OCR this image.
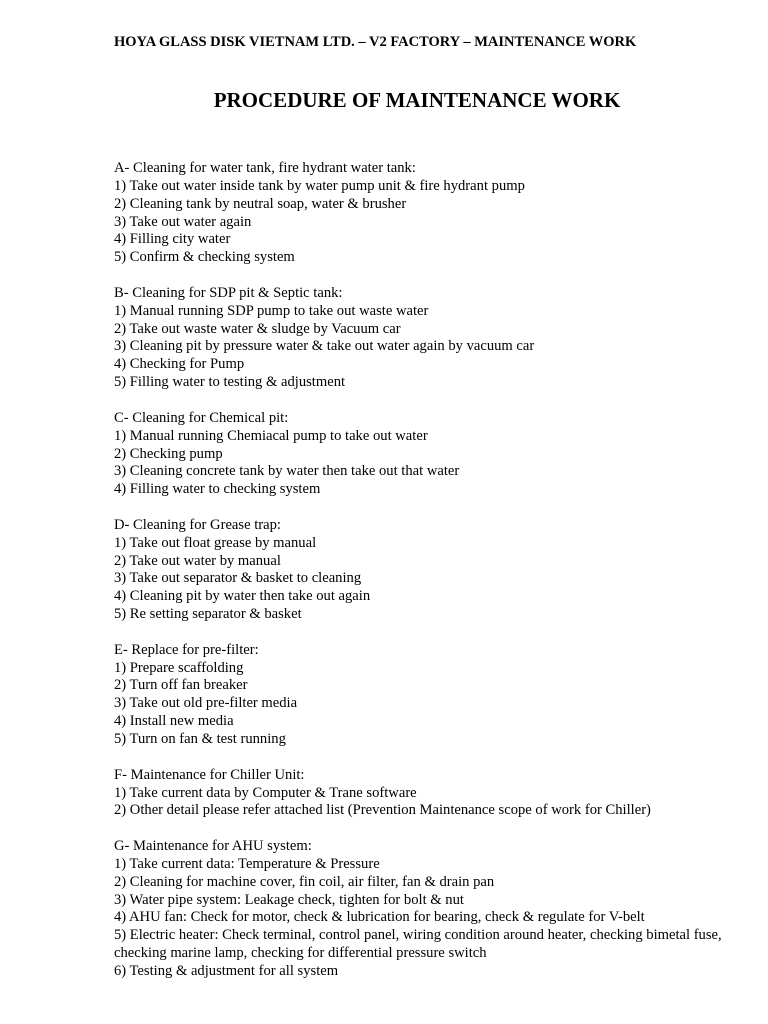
HOYA GLASS DISK VIETNAM LTD. – V2 FACTORY – MAINTENANCE WORK
PROCEDURE OF MAINTENANCE WORK
A- Cleaning for water tank, fire hydrant water tank:
1) Take out water inside tank by water pump unit & fire hydrant pump
2) Cleaning tank by neutral soap, water & brusher
3) Take out water again
4) Filling city water
5) Confirm & checking system
B- Cleaning for SDP pit & Septic tank:
1) Manual running SDP pump to take out waste water
2) Take out waste water & sludge by Vacuum car
3) Cleaning pit by pressure water & take out water again by vacuum car
4) Checking for Pump
5) Filling water to testing & adjustment
C- Cleaning for Chemical pit:
1) Manual running Chemiacal pump to take out water
2) Checking pump
3) Cleaning concrete tank by water then take out that water
4) Filling water to checking system
D- Cleaning for Grease trap:
1) Take out float grease by manual
2) Take out water by manual
3) Take out separator & basket to cleaning
4) Cleaning pit by water then take out again
5) Re setting separator & basket
E- Replace for pre-filter:
1) Prepare scaffolding
2) Turn off fan breaker
3) Take out old pre-filter media
4) Install new media
5) Turn on fan & test running
F- Maintenance for Chiller Unit:
1) Take current data by Computer & Trane software
2) Other detail please refer attached list (Prevention Maintenance scope of work for Chiller)
G- Maintenance for AHU system:
1) Take current data: Temperature & Pressure
2) Cleaning for machine cover, fin coil, air filter, fan & drain pan
3) Water pipe system: Leakage check, tighten for bolt & nut
4) AHU fan: Check for motor, check & lubrication for bearing, check & regulate for V-belt
5) Electric heater: Check terminal, control panel, wiring condition around heater, checking bimetal fuse, checking marine lamp, checking for differential pressure switch
6) Testing & adjustment for all system
